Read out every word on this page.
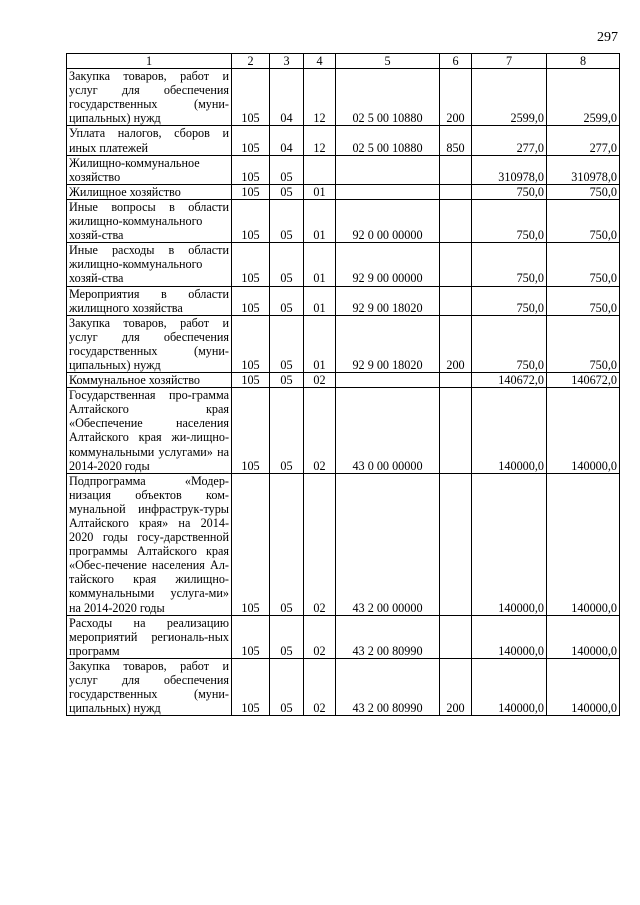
297
1	2	3	4	5	6	7	8
Закупка товаров, работ и услуг для обеспечения государственных (муни-ципальных) нужд	105	04	12	02 5 00 10880	200	2599,0	2599,0
Уплата налогов, сборов и иных платежей	105	04	12	02 5 00 10880	850	277,0	277,0
Жилищно-коммунальное хозяйство	105	05				310978,0	310978,0
Жилищное хозяйство	105	05	01			750,0	750,0
Иные вопросы в области жилищно-коммунального хозяй-ства	105	05	01	92 0 00 00000		750,0	750,0
Иные расходы в области жилищно-коммунального хозяй-ства	105	05	01	92 9 00 00000		750,0	750,0
Мероприятия в области жилищного хозяйства	105	05	01	92 9 00 18020		750,0	750,0
Закупка товаров, работ и услуг для обеспечения государственных (муни-ципальных) нужд	105	05	01	92 9 00 18020	200	750,0	750,0
Коммунальное хозяйство	105	05	02			140672,0	140672,0
Государственная про-грамма Алтайского края «Обеспечение населения Алтайского края жи-лищно-коммунальными услугами» на 2014-2020 годы	105	05	02	43 0 00 00000		140000,0	140000,0
Подпрограмма «Модер-низация объектов ком-мунальной инфраструк-туры Алтайского края» на 2014-2020 годы госу-дарственной программы Алтайского края «Обес-печение населения Ал-тайского края жилищно-коммунальными услуга-ми» на 2014-2020 годы	105	05	02	43 2 00 00000		140000,0	140000,0
Расходы на реализацию мероприятий региональ-ных программ	105	05	02	43 2 00 80990		140000,0	140000,0
Закупка товаров, работ и услуг для обеспечения государственных (муни-ципальных) нужд	105	05	02	43 2 00 80990	200	140000,0	140000,0
